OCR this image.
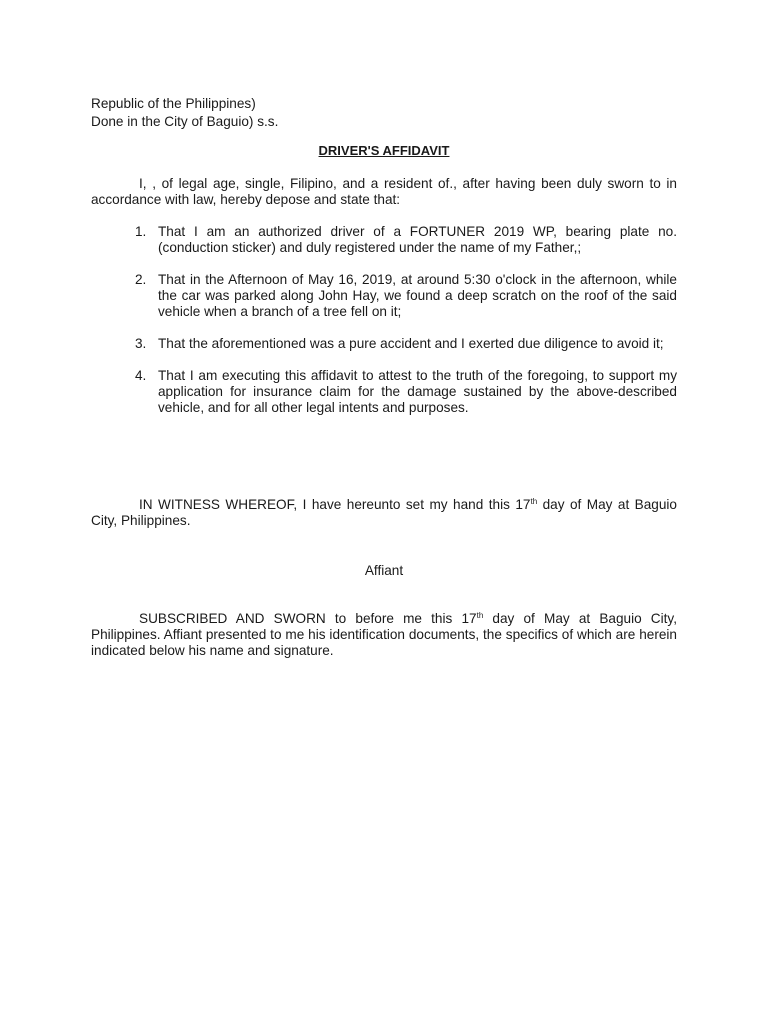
Republic of the Philippines)
Done in the City of Baguio) s.s.
DRIVER'S AFFIDAVIT
I, , of legal age, single, Filipino, and a resident of., after having been duly sworn to in accordance with law, hereby depose and state that:
1. That I am an authorized driver of a FORTUNER 2019 WP, bearing plate no. (conduction sticker) and duly registered under the name of my Father,;
2. That in the Afternoon of May 16, 2019, at around 5:30 o'clock in the afternoon, while the car was parked along John Hay, we found a deep scratch on the roof of the said vehicle when a branch of a tree fell on it;
3. That the aforementioned was a pure accident and I exerted due diligence to avoid it;
4. That I am executing this affidavit to attest to the truth of the foregoing, to support my application for insurance claim for the damage sustained by the above-described vehicle, and for all other legal intents and purposes.
IN WITNESS WHEREOF, I have hereunto set my hand this 17th day of May at Baguio City, Philippines.
Affiant
SUBSCRIBED AND SWORN to before me this 17th day of May at Baguio City, Philippines. Affiant presented to me his identification documents, the specifics of which are herein indicated below his name and signature.
